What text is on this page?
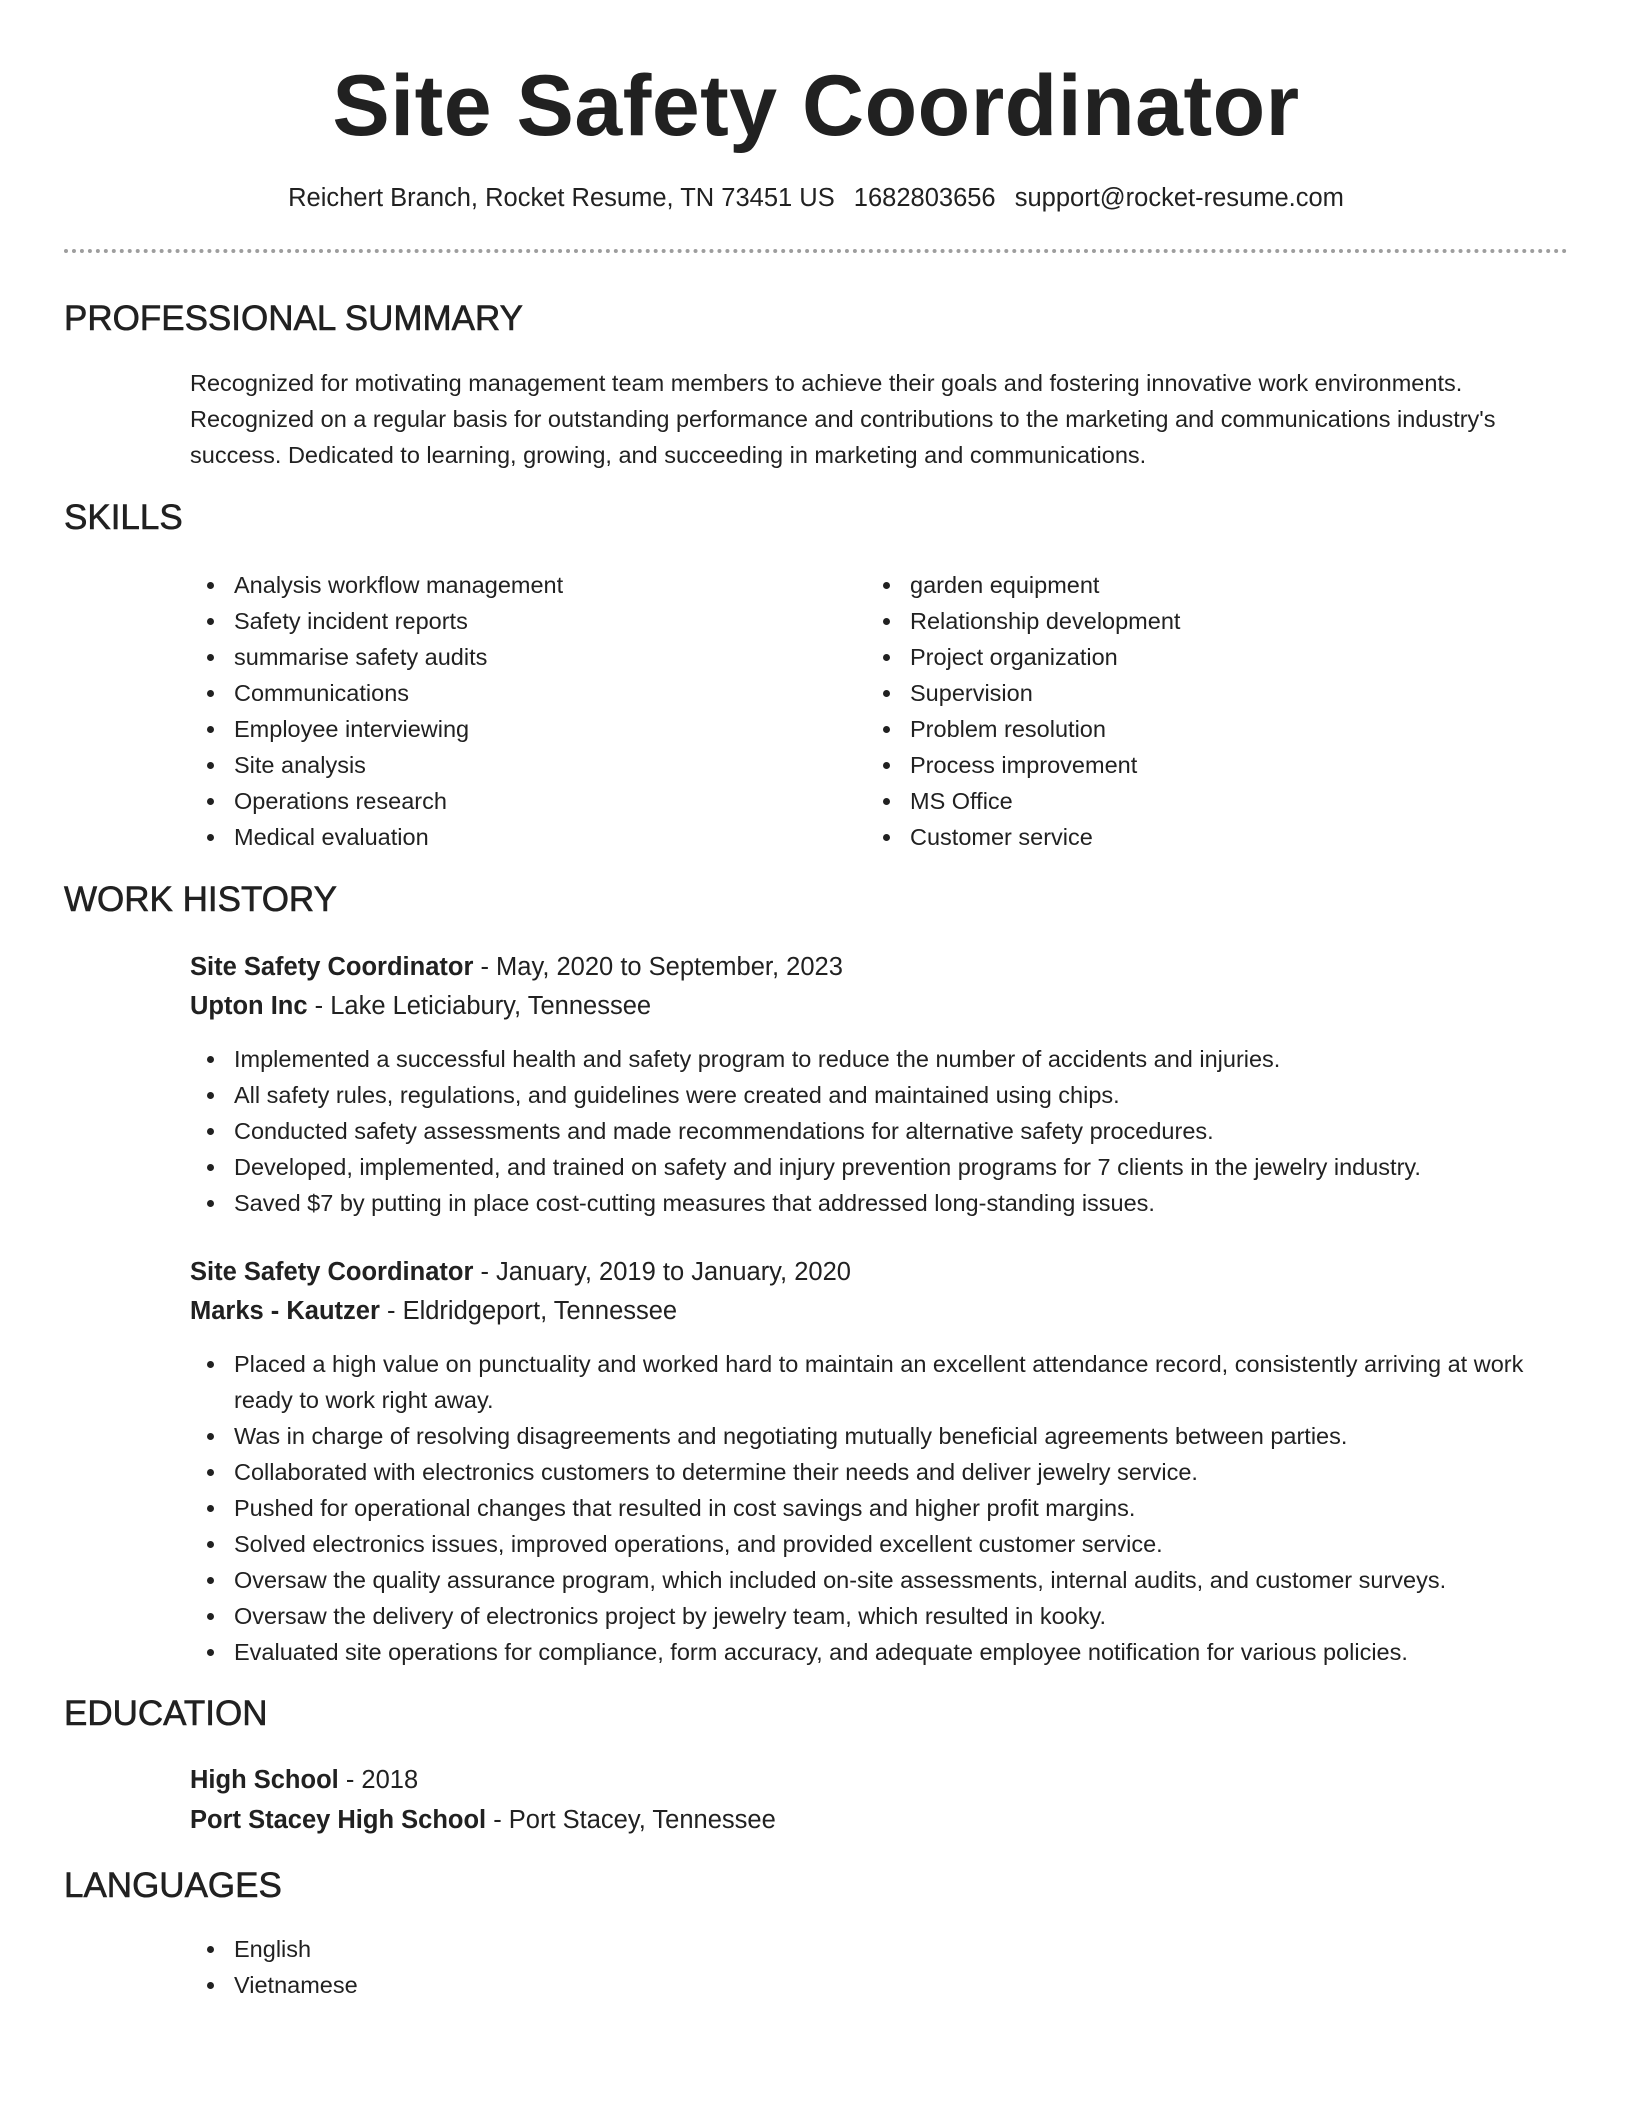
Site Safety Coordinator
Reichert Branch, Rocket Resume, TN 73451 US 1682803656 support@rocket-resume.com
PROFESSIONAL SUMMARY

Recognized for motivating management team members to achieve their goals and fostering innovative work environments. Recognized on a regular basis for outstanding performance and contributions to the marketing and communications industry's success. Dedicated to learning, growing, and succeeding in marketing and communications.

SKILLS
Analysis workflow management
Safety incident reports
summarise safety audits
Communications
Employee interviewing
Site analysis
Operations research
Medical evaluation
garden equipment
Relationship development
Project organization
Supervision
Problem resolution
Process improvement
MS Office
Customer service
WORK HISTORY
Site Safety Coordinator - May, 2020 to September, 2023
Upton Inc - Lake Leticiabury, Tennessee
Implemented a successful health and safety program to reduce the number of accidents and injuries.
All safety rules, regulations, and guidelines were created and maintained using chips.
Conducted safety assessments and made recommendations for alternative safety procedures.
Developed, implemented, and trained on safety and injury prevention programs for 7 clients in the jewelry industry.
Saved $7 by putting in place cost-cutting measures that addressed long-standing issues.
Site Safety Coordinator - January, 2019 to January, 2020
Marks - Kautzer - Eldridgeport, Tennessee
Placed a high value on punctuality and worked hard to maintain an excellent attendance record, consistently arriving at work ready to work right away.
Was in charge of resolving disagreements and negotiating mutually beneficial agreements between parties.
Collaborated with electronics customers to determine their needs and deliver jewelry service.
Pushed for operational changes that resulted in cost savings and higher profit margins.
Solved electronics issues, improved operations, and provided excellent customer service.
Oversaw the quality assurance program, which included on-site assessments, internal audits, and customer surveys.
Oversaw the delivery of electronics project by jewelry team, which resulted in kooky.
Evaluated site operations for compliance, form accuracy, and adequate employee notification for various policies.
EDUCATION
High School - 2018
Port Stacey High School - Port Stacey, Tennessee
LANGUAGES
English
Vietnamese
